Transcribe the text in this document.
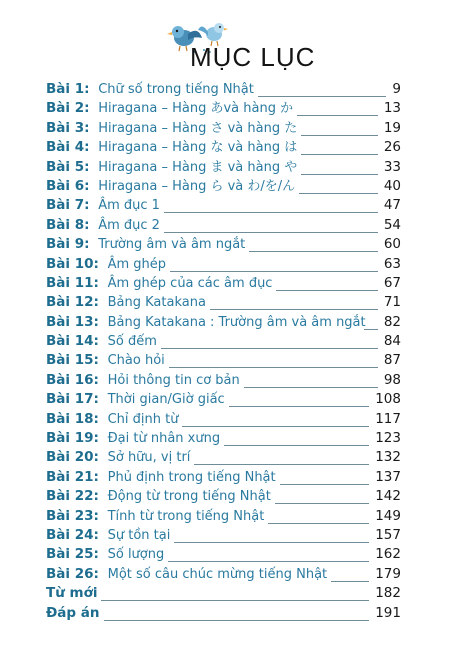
MỤC LỤC
Bài 1 : Chữ số trong tiếng Nhật	9
Bài 2 : Hiragana – Hàng あvà hàng か	13
Bài 3 : Hiragana – Hàng さ và hàng た	19
Bài 4 : Hiragana – Hàng な và hàng は	26
Bài 5 : Hiragana – Hàng ま và hàng や	33
Bài 6 : Hiragana – Hàng ら và わ/を/ん	40
Bài 7 : Âm đục 1	47
Bài 8 : Âm đục 2	54
Bài 9 : Trường âm và âm ngắt	60
Bài 10 : Âm ghép	63
Bài 11 : Âm ghép của các âm đục	67
Bài 12 : Bảng Katakana	71
Bài 13 : Bảng Katakana : Trường âm và âm ngắt 82
Bài 14 : Số đếm	84
Bài 15 : Chào hỏi	87
Bài 16 : Hỏi thông tin cơ bản	98
Bài 17 : Thời gian/Giờ giấc	108
Bài 18 : Chỉ định từ	117
Bài 19 : Đại từ nhân xưng	123
Bài 20 : Sở hữu, vị trí	132
Bài 21 : Phủ định trong tiếng Nhật	137
Bài 22 : Động từ trong tiếng Nhật	142
Bài 23 : Tính từ trong tiếng Nhật	149
Bài 24 : Sự tồn tại	157
Bài 25 : Số lượng	162
Bài 26 : Một số câu chúc mừng tiếng Nhật	179
Từ mới	182
Đáp án	191
